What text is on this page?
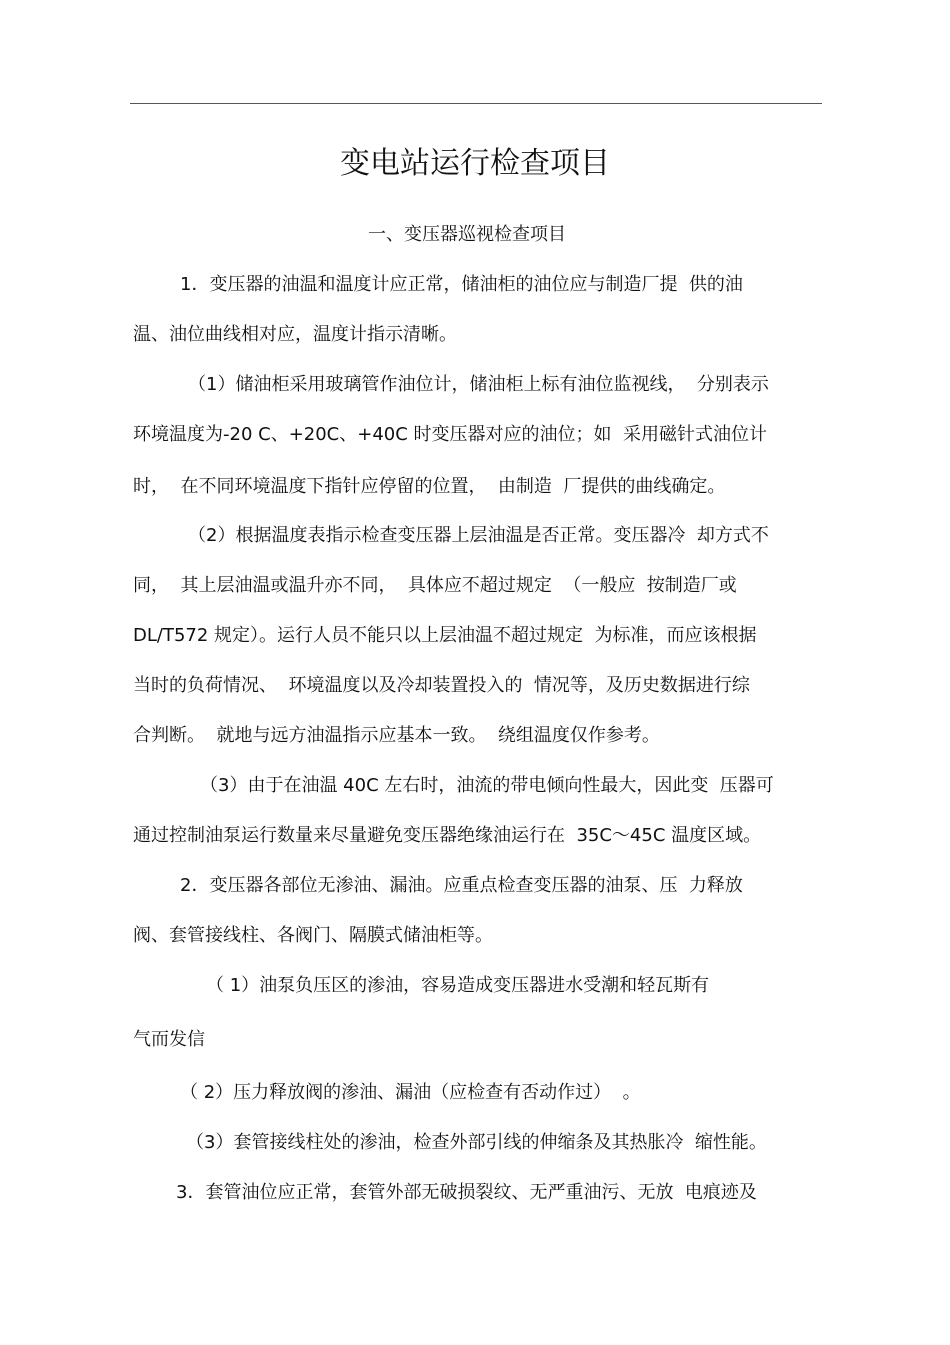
变电站运行检查项目
一、变压器巡视检查项目
1．变压器的油温和温度计应正常，储油柜的油位应与制造厂提  供的油
温、油位曲线相对应，温度计指示清晰。
（1）储油柜采用玻璃管作油位计，储油柜上标有油位监视线，  分别表示
环境温度为-20 C、+20C、+40C 时变压器对应的油位；如  采用磁针式油位计
时，  在不同环境温度下指针应停留的位置，  由制造  厂提供的曲线确定。
（2）根据温度表指示检查变压器上层油温是否正常。变压器冷  却方式不
同，  其上层油温或温升亦不同，  具体应不超过规定  （一般应  按制造厂或
DL/T572 规定）。运行人员不能只以上层油温不超过规定  为标准，而应该根据
当时的负荷情况、  环境温度以及冷却装置投入的  情况等，及历史数据进行综
合判断。  就地与远方油温指示应基本一致。  绕组温度仅作参考。
（3）由于在油温 40C 左右时，油流的带电倾向性最大，因此变  压器可
通过控制油泵运行数量来尽量避免变压器绝缘油运行在  35C〜45C 温度区域。
2．变压器各部位无渗油、漏油。应重点检查变压器的油泵、压  力释放
阀、套管接线柱、各阀门、隔膜式储油柜等。
（ 1）油泵负压区的渗油，容易造成变压器进水受潮和轻瓦斯有
气而发信
（ 2）压力释放阀的渗油、漏油（应检查有否动作过）  。
（3）套管接线柱处的渗油，检查外部引线的伸缩条及其热胀冷  缩性能。
3．套管油位应正常，套管外部无破损裂纹、无严重油污、无放  电痕迹及
